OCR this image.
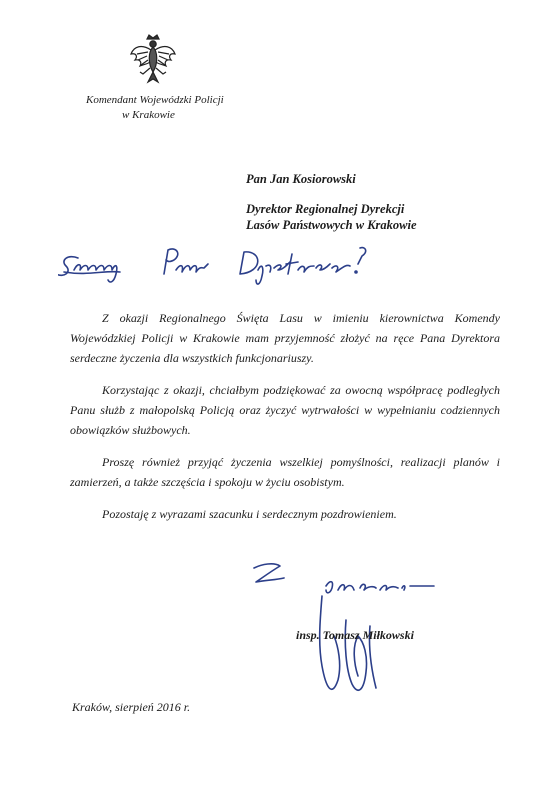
Komendant Wojewódzki Policji
w Krakowie
Pan Jan Kosiorowski
Dyrektor Regionalnej Dyrekcji
Lasów Państwowych w Krakowie

Z okazji Regionalnego Święta Lasu w imieniu kierownictwa Komendy Wojewódzkiej Policji w Krakowie mam przyjemność złożyć na ręce Pana Dyrektora serdeczne życzenia dla wszystkich funkcjonariuszy.

Korzystając z okazji, chciałbym podziękować za owocną współpracę podległych Panu służb z małopolską Policją oraz życzyć wytrwałości w wypełnianiu codziennych obowiązków służbowych.

Proszę również przyjąć życzenia wszelkiej pomyślności, realizacji planów i zamierzeń, a także szczęścia i spokoju w życiu osobistym.

Pozostaję z wyrazami szacunku i serdecznym pozdrowieniem.

insp. Tomasz Miłkowski
Kraków, sierpień 2016 r.
